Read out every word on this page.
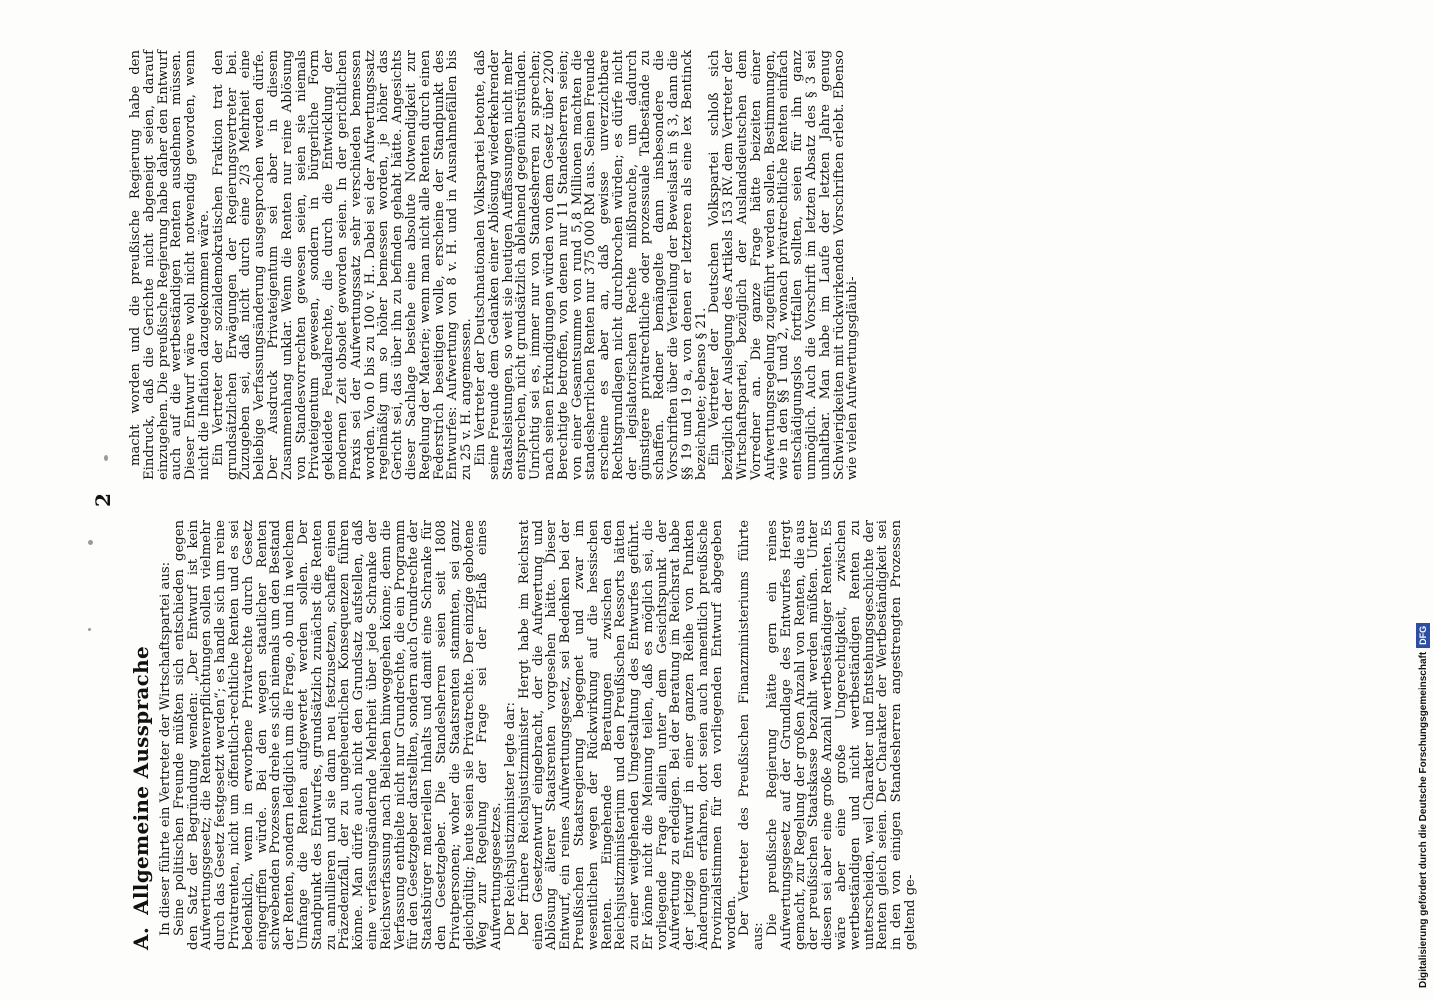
2
A.Allgemeine Aussprache In dieser führte ein Vertreter der Wirtschaftspartei aus:

Seine politischen Freunde müßten sich entschieden gegen den Satz der Begründung wenden: „Der Entwurf ist kein Aufwertungsgesetz; die Rentenverpflichtungen sollen vielmehr durch das Gesetz festgesetzt werden“; es handle sich um reine Privatrenten, nicht um öffentlich-rechtliche Renten und es sei bedenklich, wenn in erworbene Privatrechte durch Gesetz eingegriffen würde. Bei den wegen staatlicher Renten schwebenden Prozessen drehe es sich niemals um den Bestand der Renten, sondern lediglich um die Frage, ob und in welchem Umfange die Renten aufgewertet werden sollen. Der Standpunkt des Entwurfes, grundsätzlich zunächst die Renten zu annullieren und sie dann neu festzusetzen, schaffe einen Präzedenzfall, der zu ungeheuerlichen Konsequenzen führen könne. Man dürfe auch nicht den Grundsatz aufstellen, daß eine verfassungsändernde Mehrheit über jede Schranke der Reichsverfassung nach Belieben hinweggehen könne; denn die Verfassung enthielte nicht nur Grundrechte, die ein Programm für den Gesetzgeber darstellten, sondern auch Grundrechte der Staatsbürger materiellen Inhalts und damit eine Schranke für den Gesetzgeber. Die Standesherren seien seit 1808 Privatpersonen; woher die Staatsrenten stammten, sei ganz gleichgültig; heute seien sie Privatrechte. Der einzige gebotene Weg zur Regelung der Frage sei der Erlaß eines Aufwertungsgesetzes.

Der Reichsjustizminister legte dar:

Der frühere Reichsjustizminister Hergt habe im Reichsrat einen Gesetzentwurf eingebracht, der die Aufwertung und Ablösung älterer Staatsrenten vorgesehen hätte. Dieser Entwurf, ein reines Aufwertungsgesetz, sei Bedenken bei der Preußischen Staatsregierung begegnet und zwar im wesentlichen wegen der Rückwirkung auf die hessischen Renten. Eingehende Beratungen zwischen den Reichsjustizministerium und den Preußischen Ressorts hätten zu einer weitgehenden Umgestaltung des Entwurfes geführt. Er könne nicht die Meinung teilen, daß es möglich sei, die vorliegende Frage allein unter dem Gesichtspunkt der Aufwertung zu erledigen. Bei der Beratung im Reichsrat habe der jetzige Entwurf in einer ganzen Reihe von Punkten Änderungen erfahren, dort seien auch namentlich preußische Provinzialstimmen für den vorliegenden Entwurf abgegeben worden.

Der Vertreter des Preußischen Finanzministeriums führte aus:

Die preußische Regierung hätte gern ein reines Aufwertungsgesetz auf der Grundlage des Entwurfes Hergt gemacht, zur Regelung der großen Anzahl von Renten, die aus der preußischen Staatskasse bezahlt werden müßten. Unter diesen sei aber eine große Anzahl wertbeständiger Renten. Es wäre aber eine große Ungerechtigkeit, zwischen wertbeständigen und nicht wertbeständigen Renten zu unterscheiden, weil Charakter und Entstehungsgeschichte der Renten gleich seien. Der Charakter der Wertbeständigkeit sei in den von einigen Standesherren angestrengten Prozessen geltend ge-

macht worden und die preußische Regierung habe den Eindruck, daß die Gerichte nicht abgeneigt seien, darauf einzugehen. Die preußische Regierung habe daher den Entwurf auch auf die wertbeständigen Renten ausdehnen müssen. Dieser Entwurf wäre wohl nicht notwendig geworden, wenn nicht die Inflation dazugekommen wäre.

Ein Vertreter der sozialdemokratischen Fraktion trat den grundsätzlichen Erwägungen der Regierungsvertreter bei. Zuzugeben sei, daß nicht durch eine 2/3 Mehrheit eine beliebige Verfassungsänderung ausgesprochen werden dürfe. Der Ausdruck Privateigentum sei aber in diesem Zusammenhang unklar. Wenn die Renten nur reine Ablösung von Standesvorrechten gewesen seien, seien sie niemals Privateigentum gewesen, sondern in bürgerliche Form gekleidete Feudalrechte, die durch die Entwicklung der modernen Zeit obsolet geworden seien. In der gerichtlichen Praxis sei der Aufwertungssatz sehr verschieden bemessen worden. Von 0 bis zu 100 v. H.. Dabei sei der Aufwertungssatz regelmäßig um so höher bemessen worden, je höher das Gericht sei, das über ihn zu befinden gehabt hätte. Angesichts dieser Sachlage bestehe eine absolute Notwendigkeit zur Regelung der Materie; wenn man nicht alle Renten durch einen Federstrich beseitigen wolle, erscheine der Standpunkt des Entwurfes: Aufwertung von 8 v. H. und in Ausnahmefällen bis zu 25 v. H. angemessen.

Ein Vertreter der Deutschnationalen Volkspartei betonte, daß seine Freunde dem Gedanken einer Ablösung wiederkehrender Staatsleistungen, so weit sie heutigen Auffassungen nicht mehr entsprechen, nicht grundsätzlich ablehnend gegenüberstünden. Unrichtig sei es, immer nur von Standesherren zu sprechen; nach seinen Erkundigungen würden von dem Gesetz über 2200 Berechtigte betroffen, von denen nur 11 Standesherren seien; von einer Gesamtsumme von rund 5,8 Millionen machten die standesherrlichen Renten nur 375 000 RM aus. Seinen Freunde erscheine es aber an, daß gewisse unverzichtbare Rechtsgrundlagen nicht durchbrochen würden; es dürfe nicht der legislatorischen Rechte mißbrauche, um dadurch günstigere privatrechtliche oder prozessuale Tatbestände zu schaffen. Redner bemängelte dann insbesondere die Vorschriften über die Verteilung der Beweislast in § 3, dann die §§ 19 und 19 a, von denen er letzteren als eine lex Bentinck bezeichnete; ebenso § 21.

Ein Vertreter der Deutschen Volkspartei schloß sich bezüglich der Auslegung des Artikels 153 RV. dem Vertreter der Wirtschaftspartei, bezüglich der Auslandsdeutschen dem Vorredner an. Die ganze Frage hätte beizeiten einer Aufwertungsregelung zugeführt werden sollen. Bestimmungen, wie in den §§ 1 und 2, wonach privatrechtliche Renten einfach entschädigungslos fortfallen sollten, seien für ihn ganz unmöglich. Auch die Vorschrift im letzten Absatz des § 3 sei unhaltbar. Man habe im Laufe der letzten Jahre genug Schwierigkeiten mit rückwirkenden Vorschriften erlebt. Ebenso wie vielen Aufwertungsgläubi-

Digitalisierung gefördert durch die Deutsche ForschungsgemeinschaftDFG
